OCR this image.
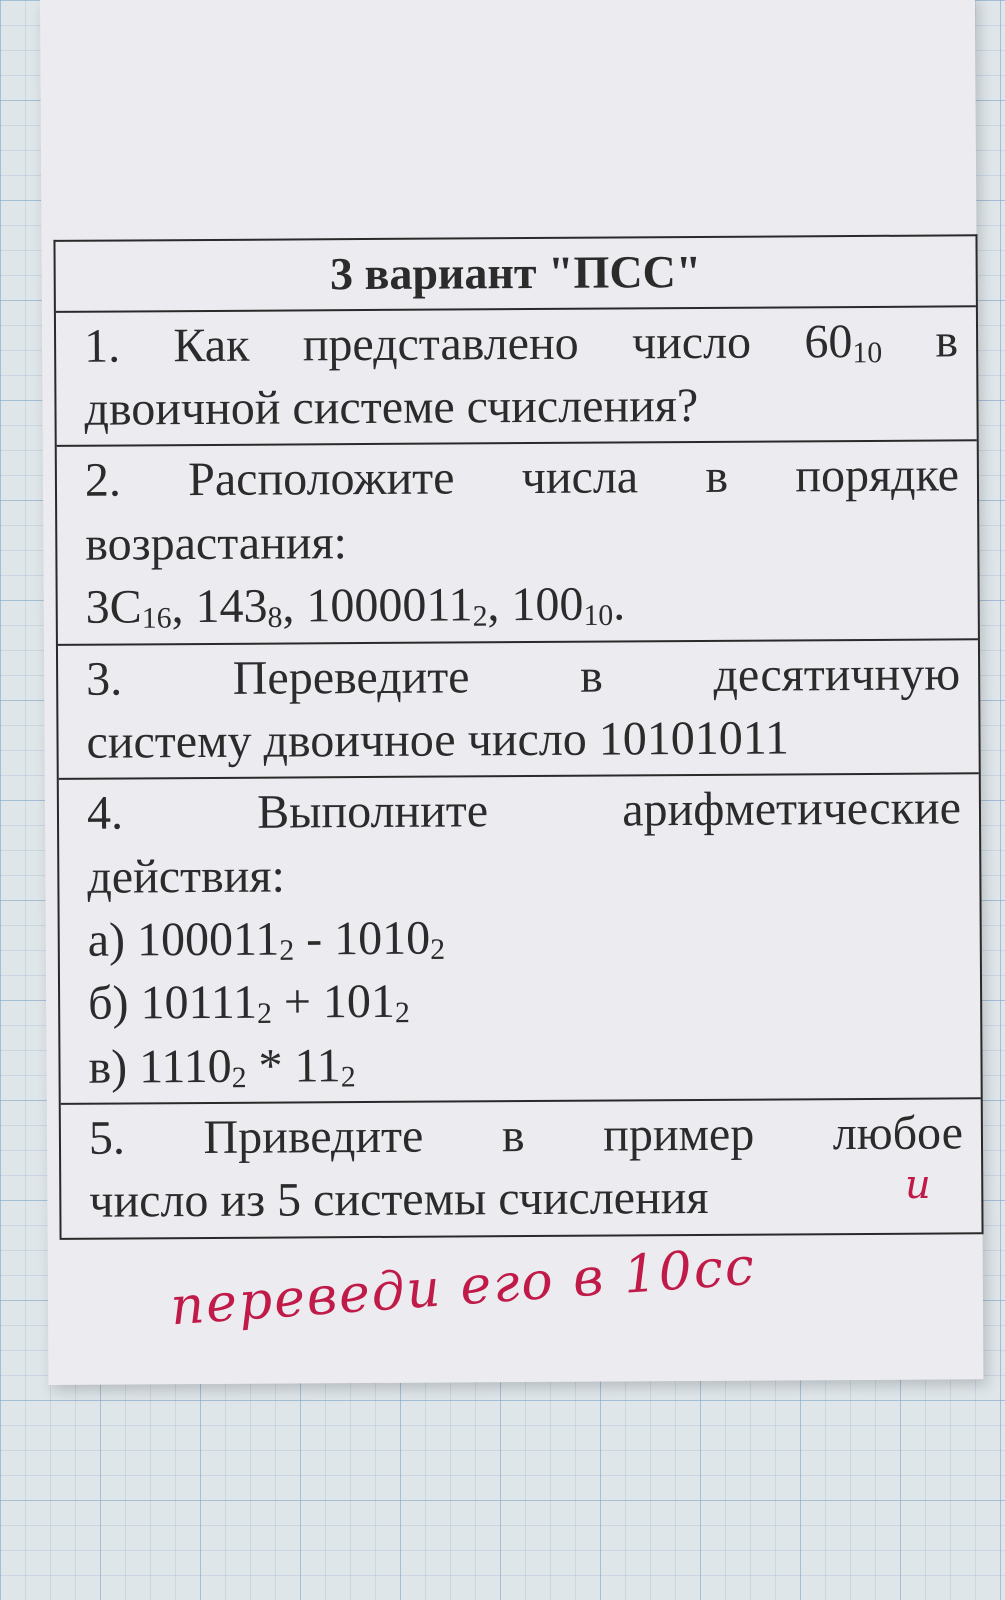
3 вариант "ПСС"
1. Как представлено число $60_{10}$ в
двоичной системе счисления?
2. Расположите числа в порядке
возрастания:
$3C_{16}$, $143_8$, $1000011_2$, $100_{10}$.
3. Переведите в десятичную
систему двоичное число 10101011
4. Выполните арифметические
действия:
а) $100011_2 - 1010_2$
б) $10111_2 + 101_2$
в) $1110_2 * 11_2$
5. Приведите в пример любое
число из 5 системы счисления	и
переведи его в 10сс
